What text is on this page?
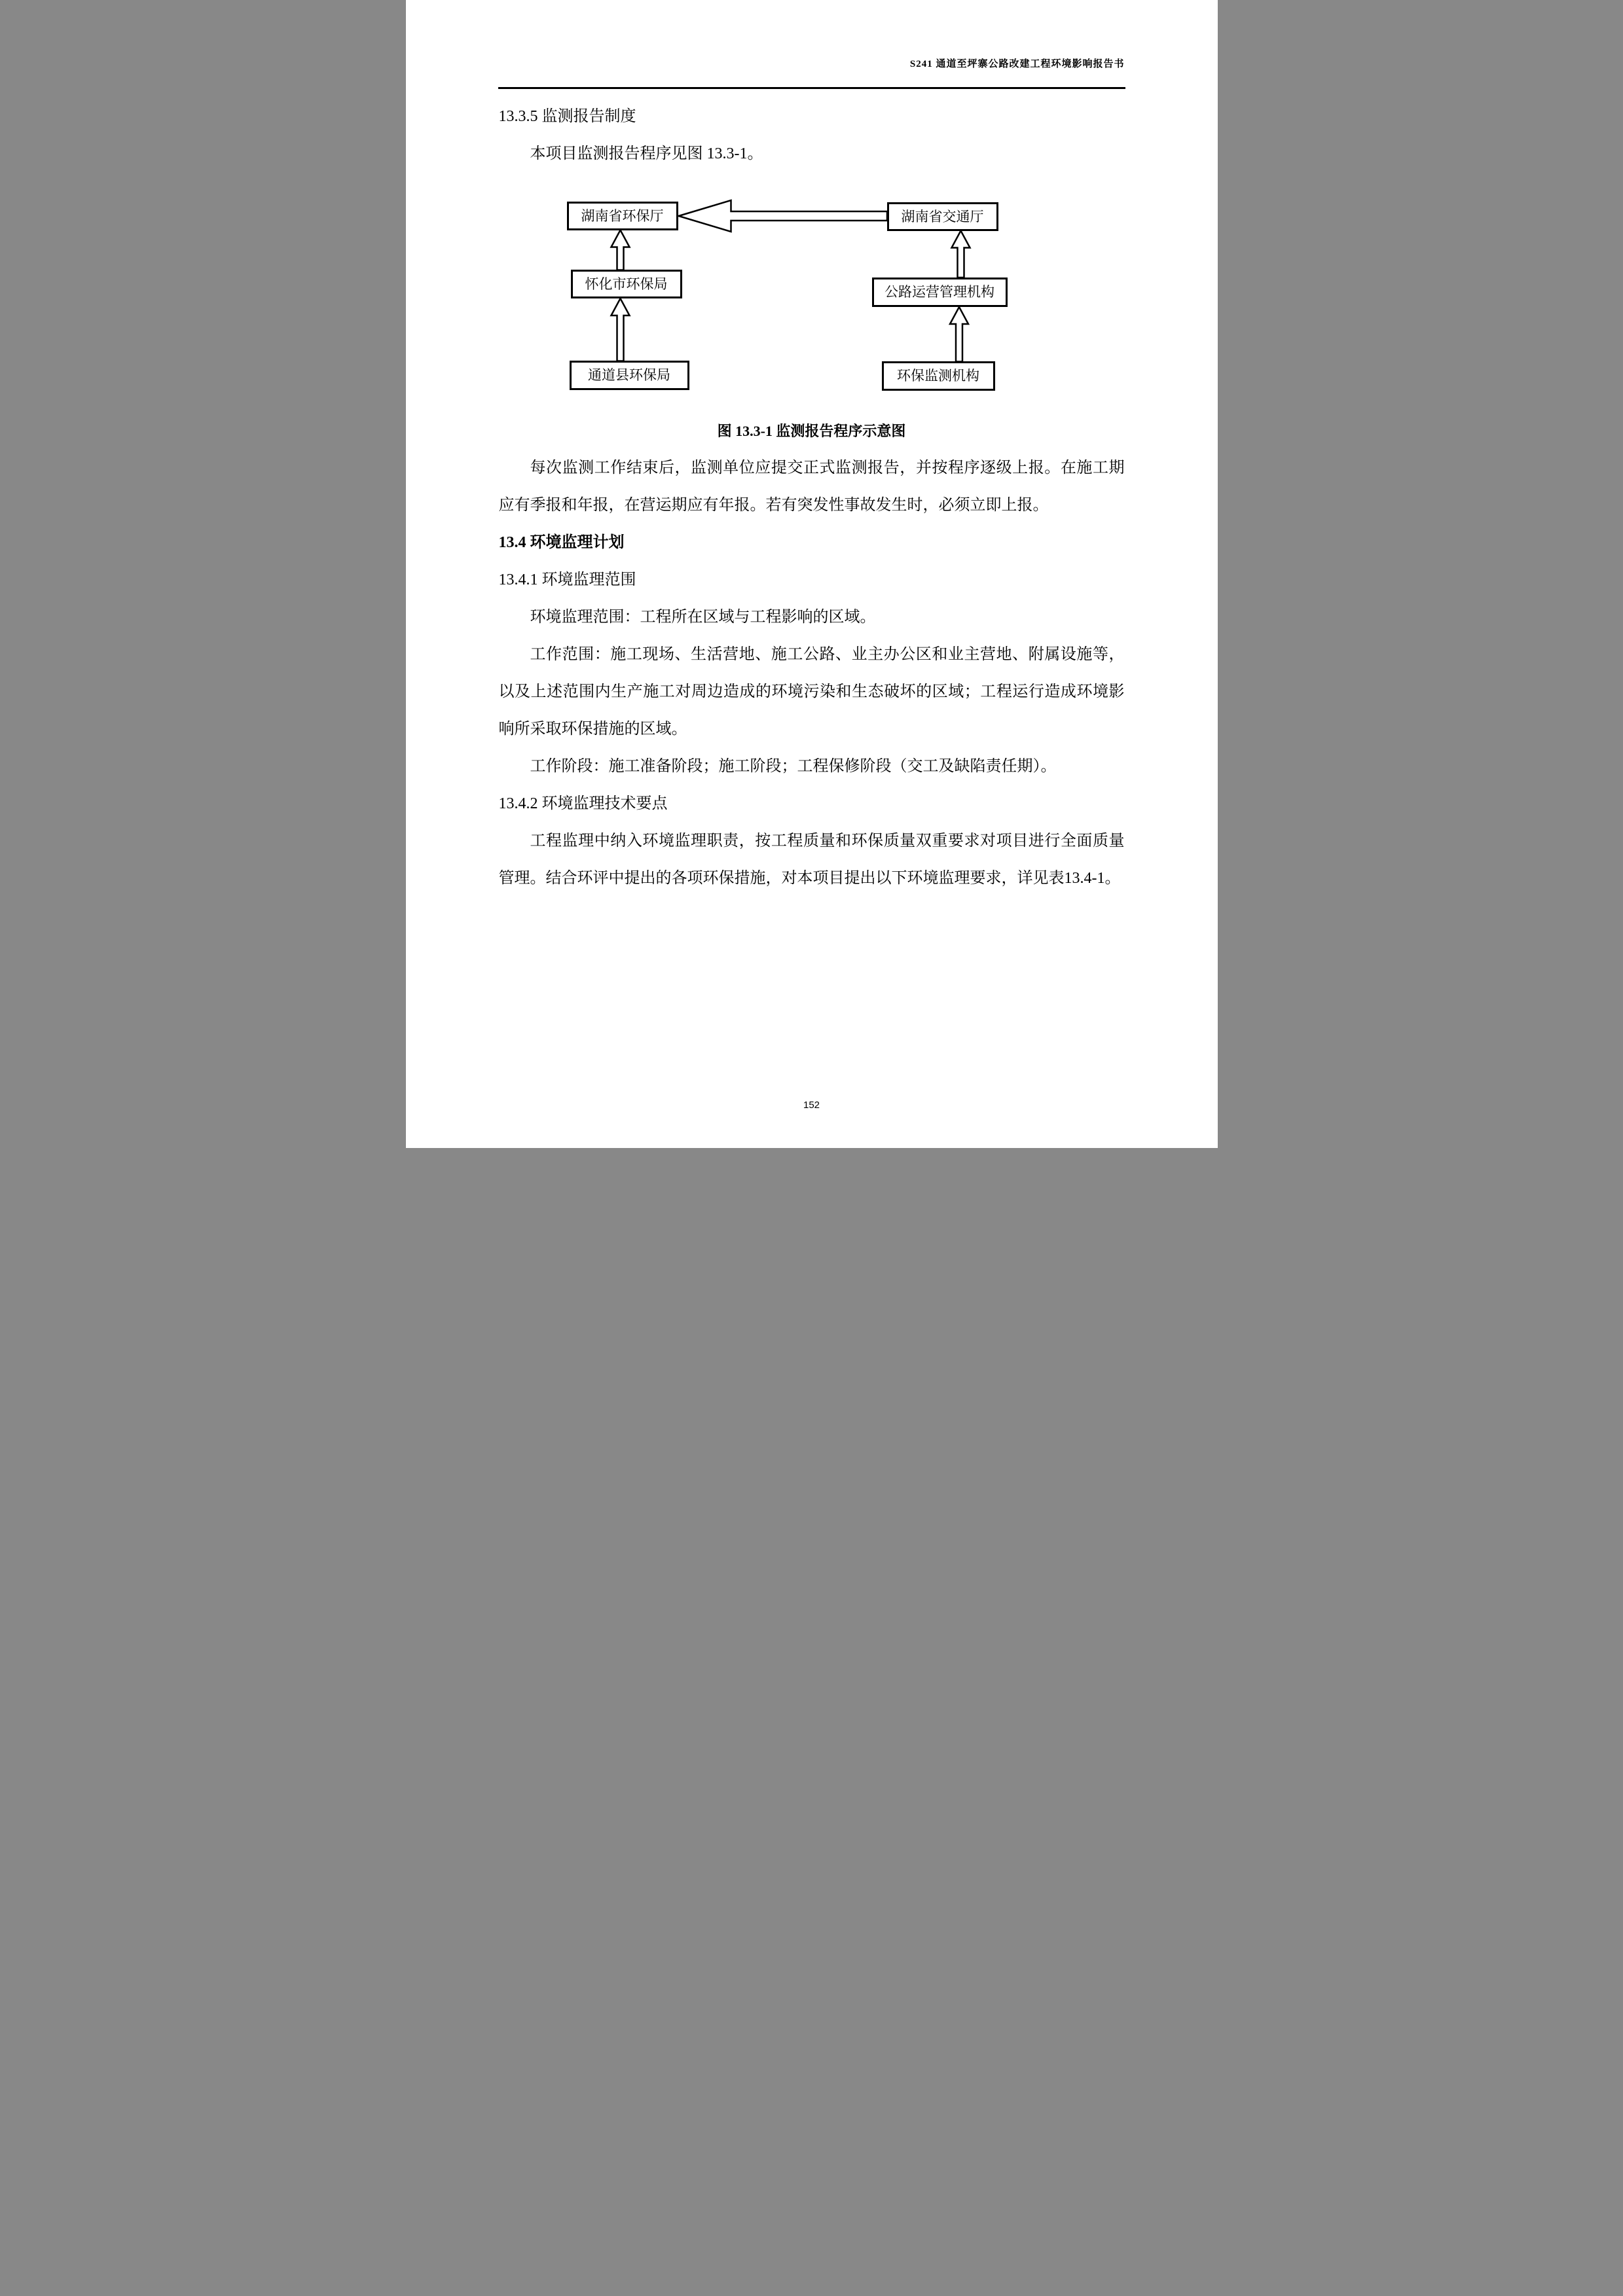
S241 通道至坪寨公路改建工程环境影响报告书
13.3.5 监测报告制度

本项目监测报告程序见图 13.3-1。

湖南省环保厅	湖南省交通厅
怀化市环保局
公路运营管理机构
通道县环保局	环保监测机构
图 13.3-1 监测报告程序示意图

每次监测工作结束后，监测单位应提交正式监测报告，并按程序逐级上报。在施工期应有季报和年报，在营运期应有年报。若有突发性事故发生时，必须立即上报。

13.4 环境监理计划
13.4.1 环境监理范围

环境监理范围：工程所在区域与工程影响的区域。

工作范围：施工现场、生活营地、施工公路、业主办公区和业主营地、附属设施等，以及上述范围内生产施工对周边造成的环境污染和生态破坏的区域；工程运行造成环境影响所采取环保措施的区域。

工作阶段：施工准备阶段；施工阶段；工程保修阶段（交工及缺陷责任期）。

13.4.2 环境监理技术要点

工程监理中纳入环境监理职责，按工程质量和环保质量双重要求对项目进行全面质量管理。结合环评中提出的各项环保措施，对本项目提出以下环境监理要求，详见表13.4-1。

152
